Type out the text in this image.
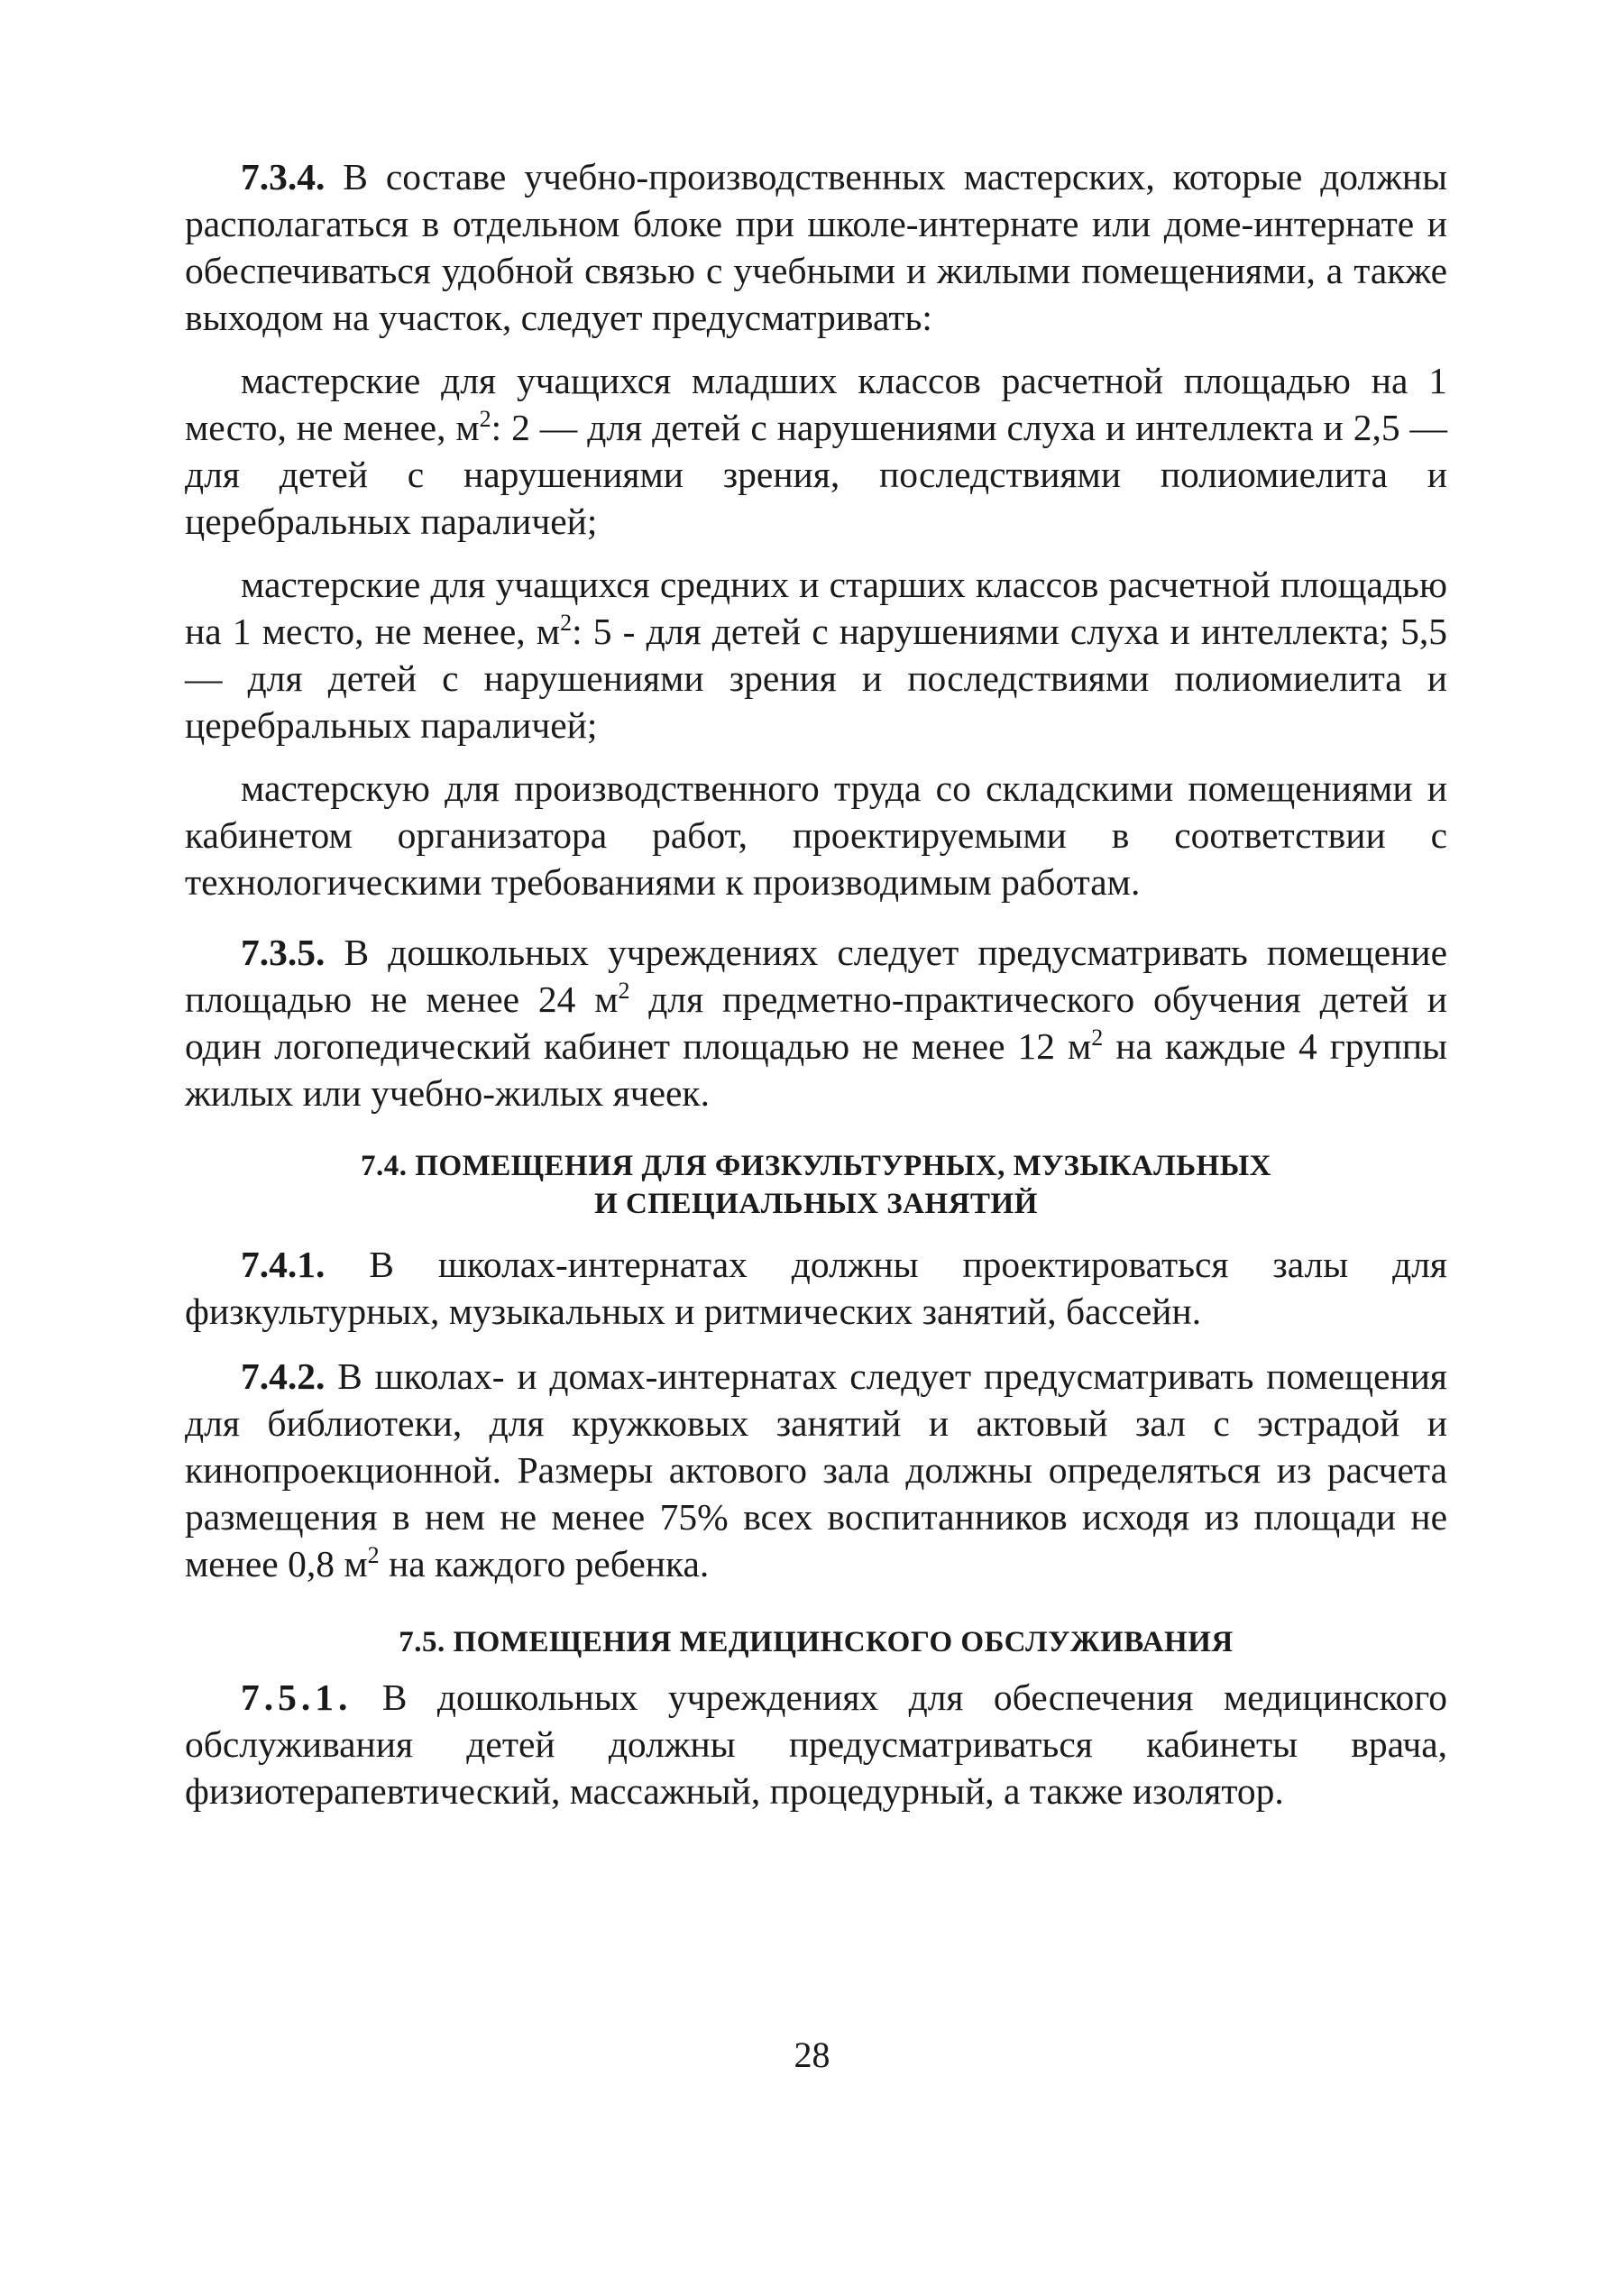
7.3.4. В составе учебно-производственных мастерских, которые должны располагаться в отдельном блоке при школе-интернате или доме-интернате и обеспечиваться удобной связью с учебными и жилыми помещениями, а также выходом на участок, следует предусматривать:

мастерские для учащихся младших классов расчетной площадью на 1 место, не менее, $м^2$: 2 — для детей с нарушениями слуха и интеллекта и 2,5 — для детей с нарушениями зрения, последствиями полиомиелита и церебральных параличей;

мастерские для учащихся средних и старших классов расчетной площадью на 1 место, не менее, $м^2$: 5 - для детей с нарушениями слуха и интеллекта; 5,5 — для детей с нарушениями зрения и последствиями полиомиелита и церебральных параличей;

мастерскую для производственного труда со складскими помещениями и кабинетом организатора работ, проектируемыми в соответствии с технологическими требованиями к производимым работам.

7.3.5. В дошкольных учреждениях следует предусматривать помещение площадью не менее 24 $м^2$ для предметно-практического обучения детей и один логопедический кабинет площадью не менее 12 $м^2$ на каждые 4 группы жилых или учебно-жилых ячеек.

7.4. ПОМЕЩЕНИЯ ДЛЯ ФИЗКУЛЬТУРНЫХ, МУЗЫКАЛЬНЫХ
И СПЕЦИАЛЬНЫХ ЗАНЯТИЙ

7.4.1. В школах-интернатах должны проектироваться залы для физкультурных, музыкальных и ритмических занятий, бассейн.

7.4.2. В школах- и домах-интернатах следует предусматривать помещения для библиотеки, для кружковых занятий и актовый зал с эстрадой и кинопроекционной. Размеры актового зала должны определяться из расчета размещения в нем не менее 75% всех воспитанников исходя из площади не менее 0,8 $м^2$ на каждого ребенка.

7.5. ПОМЕЩЕНИЯ МЕДИЦИНСКОГО ОБСЛУЖИВАНИЯ

7.5.1. В дошкольных учреждениях для обеспечения медицинского обслуживания детей должны предусматриваться кабинеты врача, физиотерапевтический, массажный, процедурный, а также изолятор.

28
